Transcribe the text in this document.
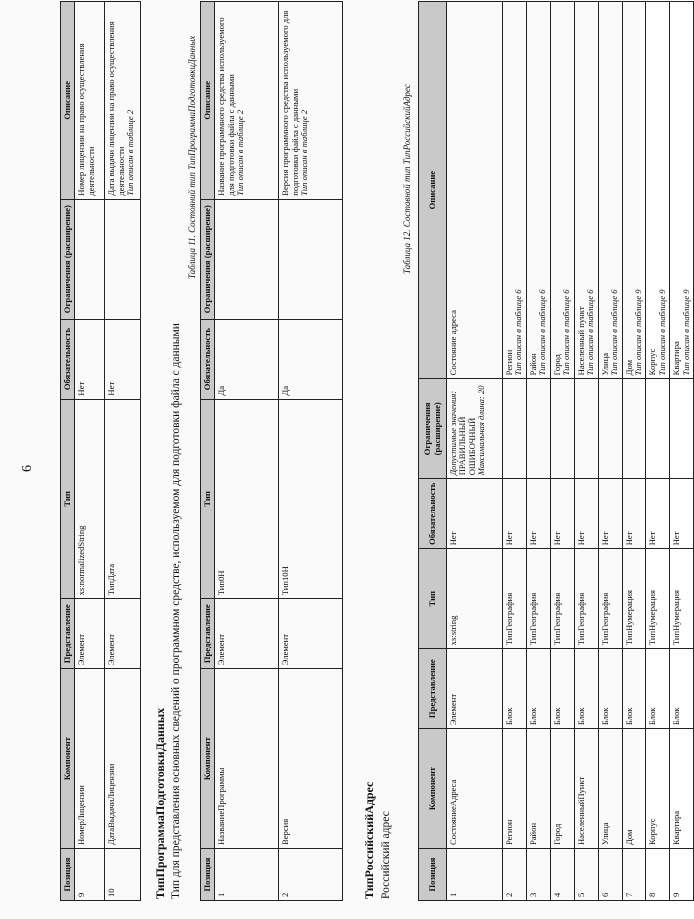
6
Позиция	Компонент	Представление	Тип	Обязательность	Ограничения (расширение)	Описание
9	НомерЛицензии	Элемент	xs:normalizedString	Нет		Номер лицензии на право осуществления деятельности

10	ДатаВыдачиЛицензии	Элемент	ТипДата	Нет		Дата выдачи лицензии на право осуществления деятельности Тип описан в таблице 2
ТипПрограммаПодготовкиДанных Тип для представления основных сведений о программном средстве, используемом для подготовки файла с данными
Таблица 11. Состояний тип ТипПрограммаПодготовкиДанных
Позиция	Компонент	Представление	Тип	Обязательность	Ограничения (расширение)	Описание
1	НазваниеПрограммы	Элемент	Тип0Н	Да		Название программного средства используемого для подготовки файла с данными Тип описан в таблице 2

2	Версия	Элемент	Тип10Н	Да		Версия программного средства используемого для подготовки файла с данными Тип описан в таблице 2
ТипРоссийскийАдрес Российский адрес
Таблица 12. Составной тип ТипРоссийскийАдрес
Позиция	Компонент	Представление	Тип	Обязательность	Ограничения (расширение)	Описание
1	СостояниеАдреса	Элемент	xs:string	Нет	Допустимые значения: ПРАВИЛЬНЫЙ ОШИБОЧНЫЙ Максимальная длина: 20	Состояние адреса

2	Регион	Блок	ТипГеография	Нет		Регион Тип описан в таблице 6

3	Район	Блок	ТипГеография	Нет		Район Тип описан в таблице 6

4	Город	Блок	ТипГеография	Нет		Город Тип описан в таблице 6

5	НаселенныйПункт	Блок	ТипГеография	Нет		Населенный пункт Тип описан в таблице 6

6	Улица	Блок	ТипГеография	Нет		Улица Тип описан в таблице 6

7	Дом	Блок	ТипНумерация	Нет		Дом Тип описан в таблице 9

8	Корпус	Блок	ТипНумерация	Нет		Корпус Тип описан в таблице 9

9	Квартира	Блок	ТипНумерация	Нет		Квартира Тип описан в таблице 9
